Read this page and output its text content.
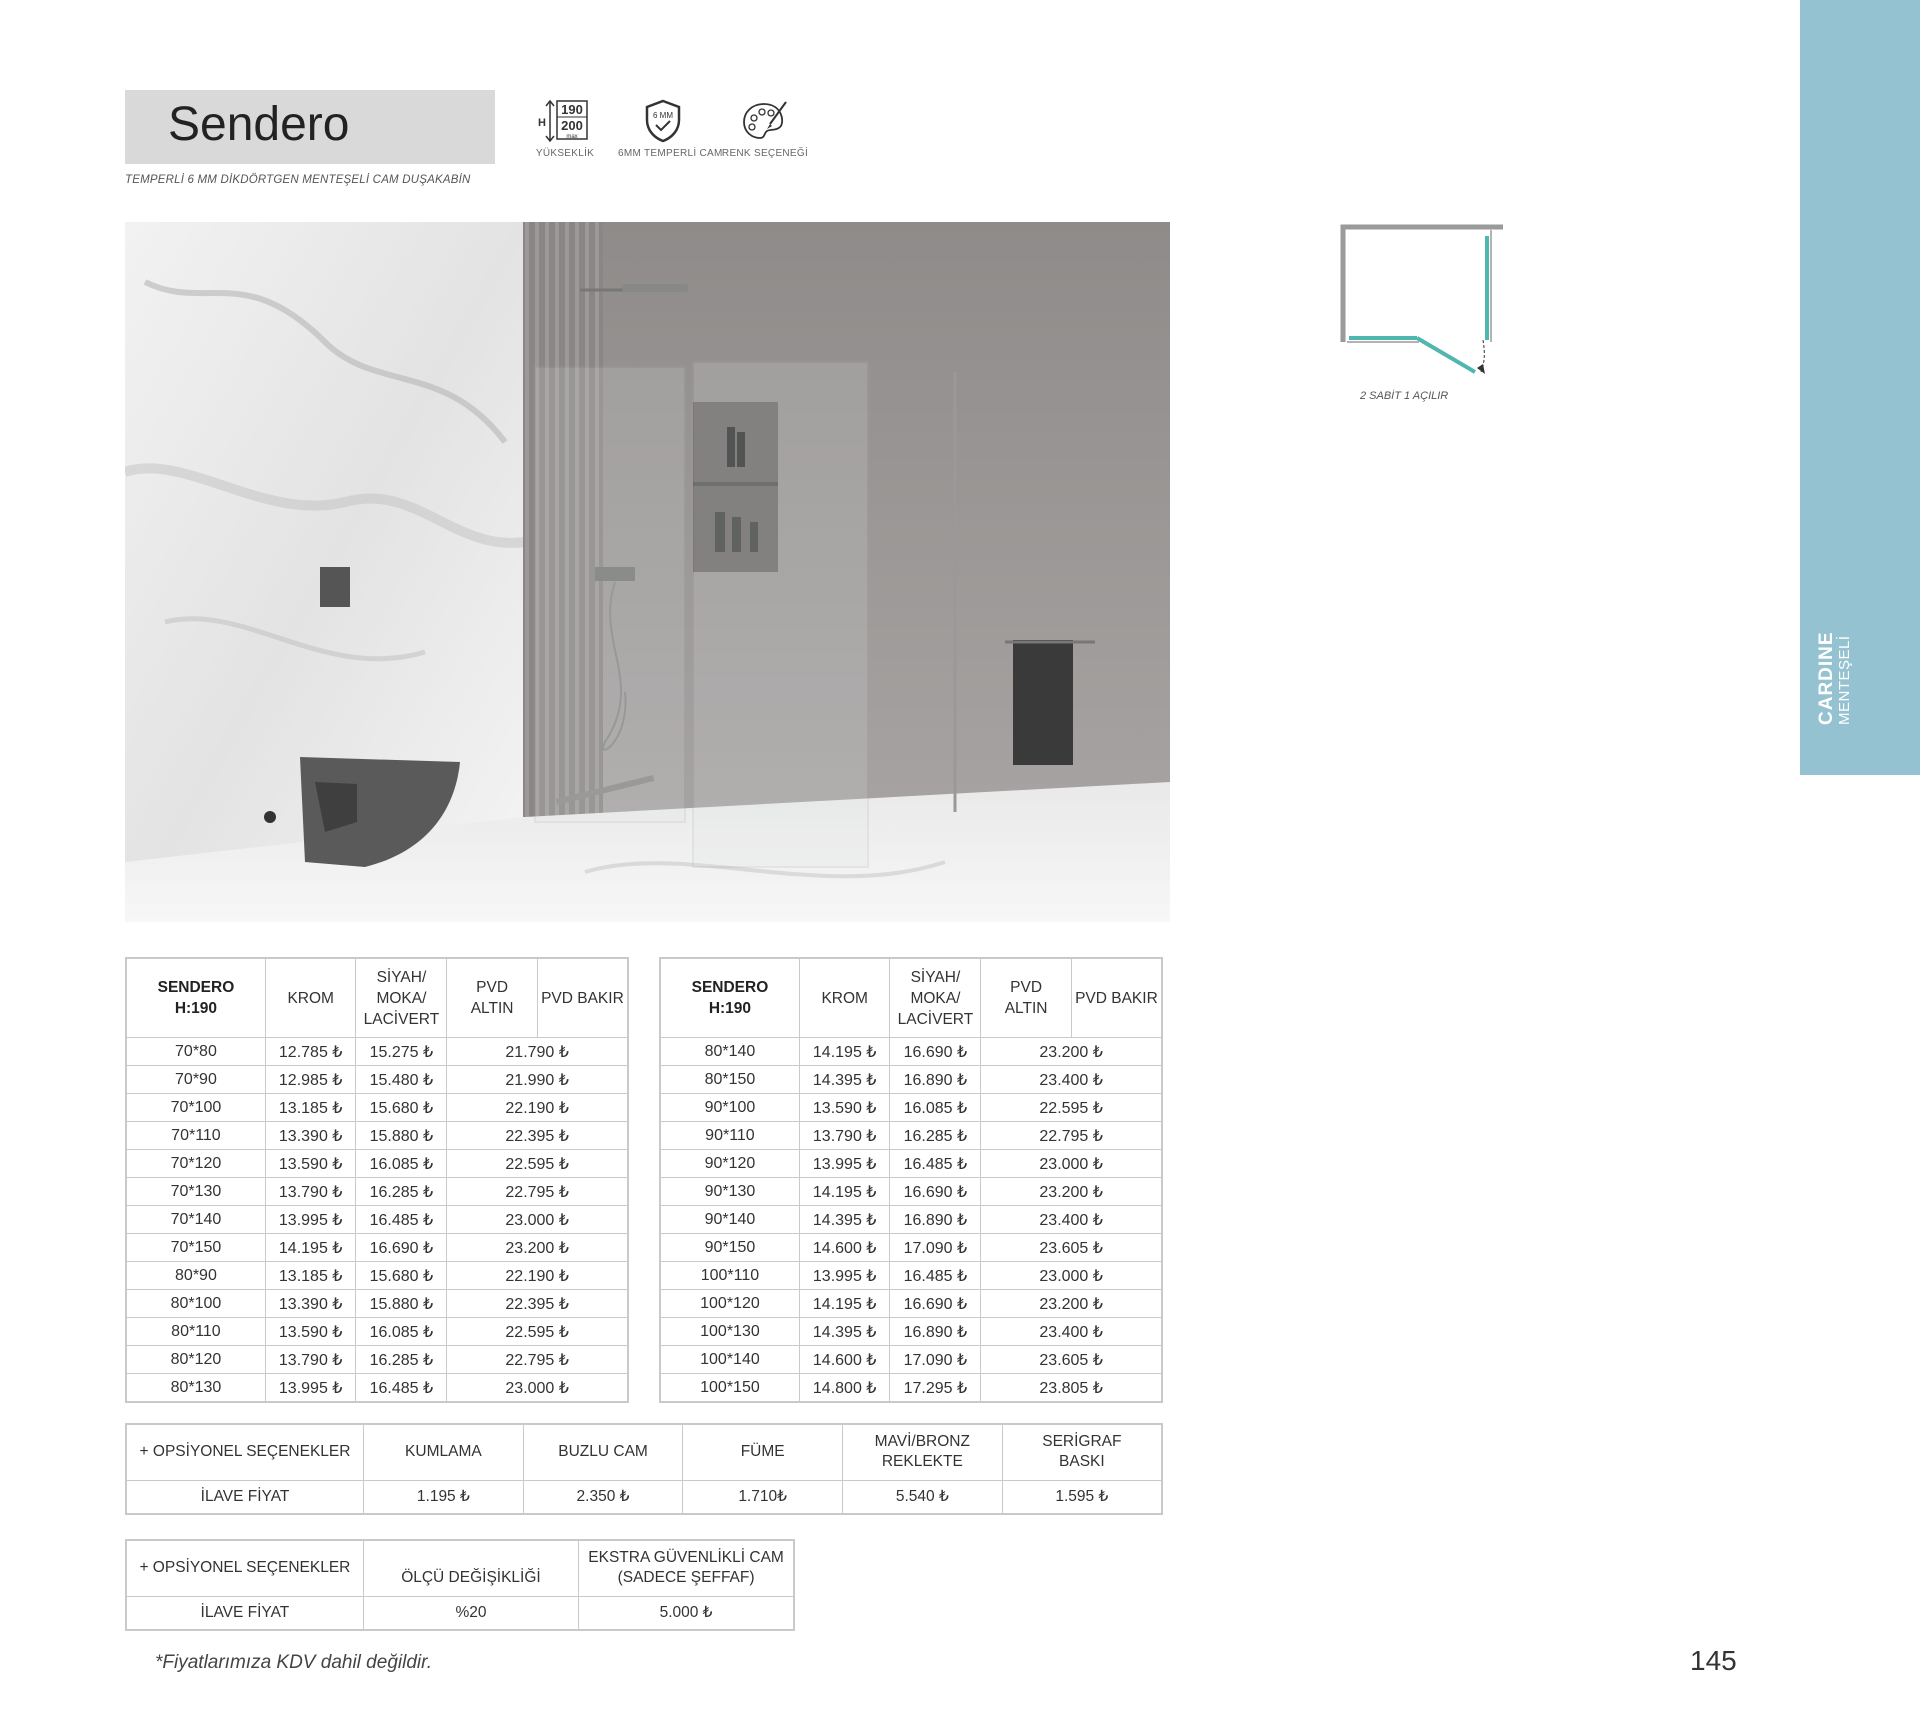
CARDINE MENTEŞELİ
Sendero
TEMPERLİ 6 MM DİKDÖRTGEN MENTEŞELİ CAM DUŞAKABİN
H
190
200
max
YÜKSEKLİK
6 MM
6MM TEMPERLİ CAM RENK SEÇENEĞİ
2 SABİT 1 AÇILIR
SENDERO
H:190	KROM	SİYAH/
MOKA/
LACİVERT	PVD
ALTIN	PVD BAKIR
70*80	12.785 ₺	15.275 ₺	21.790 ₺	
70*90	12.985 ₺	15.480 ₺	21.990 ₺	
70*100	13.185 ₺	15.680 ₺	22.190 ₺	
70*110	13.390 ₺	15.880 ₺	22.395 ₺	
70*120	13.590 ₺	16.085 ₺	22.595 ₺	
70*130	13.790 ₺	16.285 ₺	22.795 ₺	
70*140	13.995 ₺	16.485 ₺	23.000 ₺	
70*150	14.195 ₺	16.690 ₺	23.200 ₺	
80*90	13.185 ₺	15.680 ₺	22.190 ₺	
80*100	13.390 ₺	15.880 ₺	22.395 ₺	
80*110	13.590 ₺	16.085 ₺	22.595 ₺	
80*120	13.790 ₺	16.285 ₺	22.795 ₺	
80*130	13.995 ₺	16.485 ₺	23.000 ₺	
SENDERO
H:190	KROM	SİYAH/
MOKA/
LACİVERT	PVD
ALTIN	PVD BAKIR
80*140	14.195 ₺	16.690 ₺	23.200 ₺	
80*150	14.395 ₺	16.890 ₺	23.400 ₺	
90*100	13.590 ₺	16.085 ₺	22.595 ₺	
90*110	13.790 ₺	16.285 ₺	22.795 ₺	
90*120	13.995 ₺	16.485 ₺	23.000 ₺	
90*130	14.195 ₺	16.690 ₺	23.200 ₺	
90*140	14.395 ₺	16.890 ₺	23.400 ₺	
90*150	14.600 ₺	17.090 ₺	23.605 ₺	
100*110	13.995 ₺	16.485 ₺	23.000 ₺	
100*120	14.195 ₺	16.690 ₺	23.200 ₺	
100*130	14.395 ₺	16.890 ₺	23.400 ₺	
100*140	14.600 ₺	17.090 ₺	23.605 ₺	
100*150	14.800 ₺	17.295 ₺	23.805 ₺	
+ OPSİYONEL SEÇENEKLER	KUMLAMA	BUZLU CAM	FÜME	MAVİ/BRONZ
REKLEKTE	SERİGRAF
BASKI
İLAVE FİYAT	1.195 ₺	2.350 ₺	1.710₺	5.540 ₺	1.595 ₺
+ OPSİYONEL SEÇENEKLER	ÖLÇÜ DEĞİŞİKLİĞİ	EKSTRA GÜVENLİKLİ CAM
(SADECE ŞEFFAF)
İLAVE FİYAT	%20	5.000 ₺
*Fiyatlarımıza KDV dahil değildir.	145
